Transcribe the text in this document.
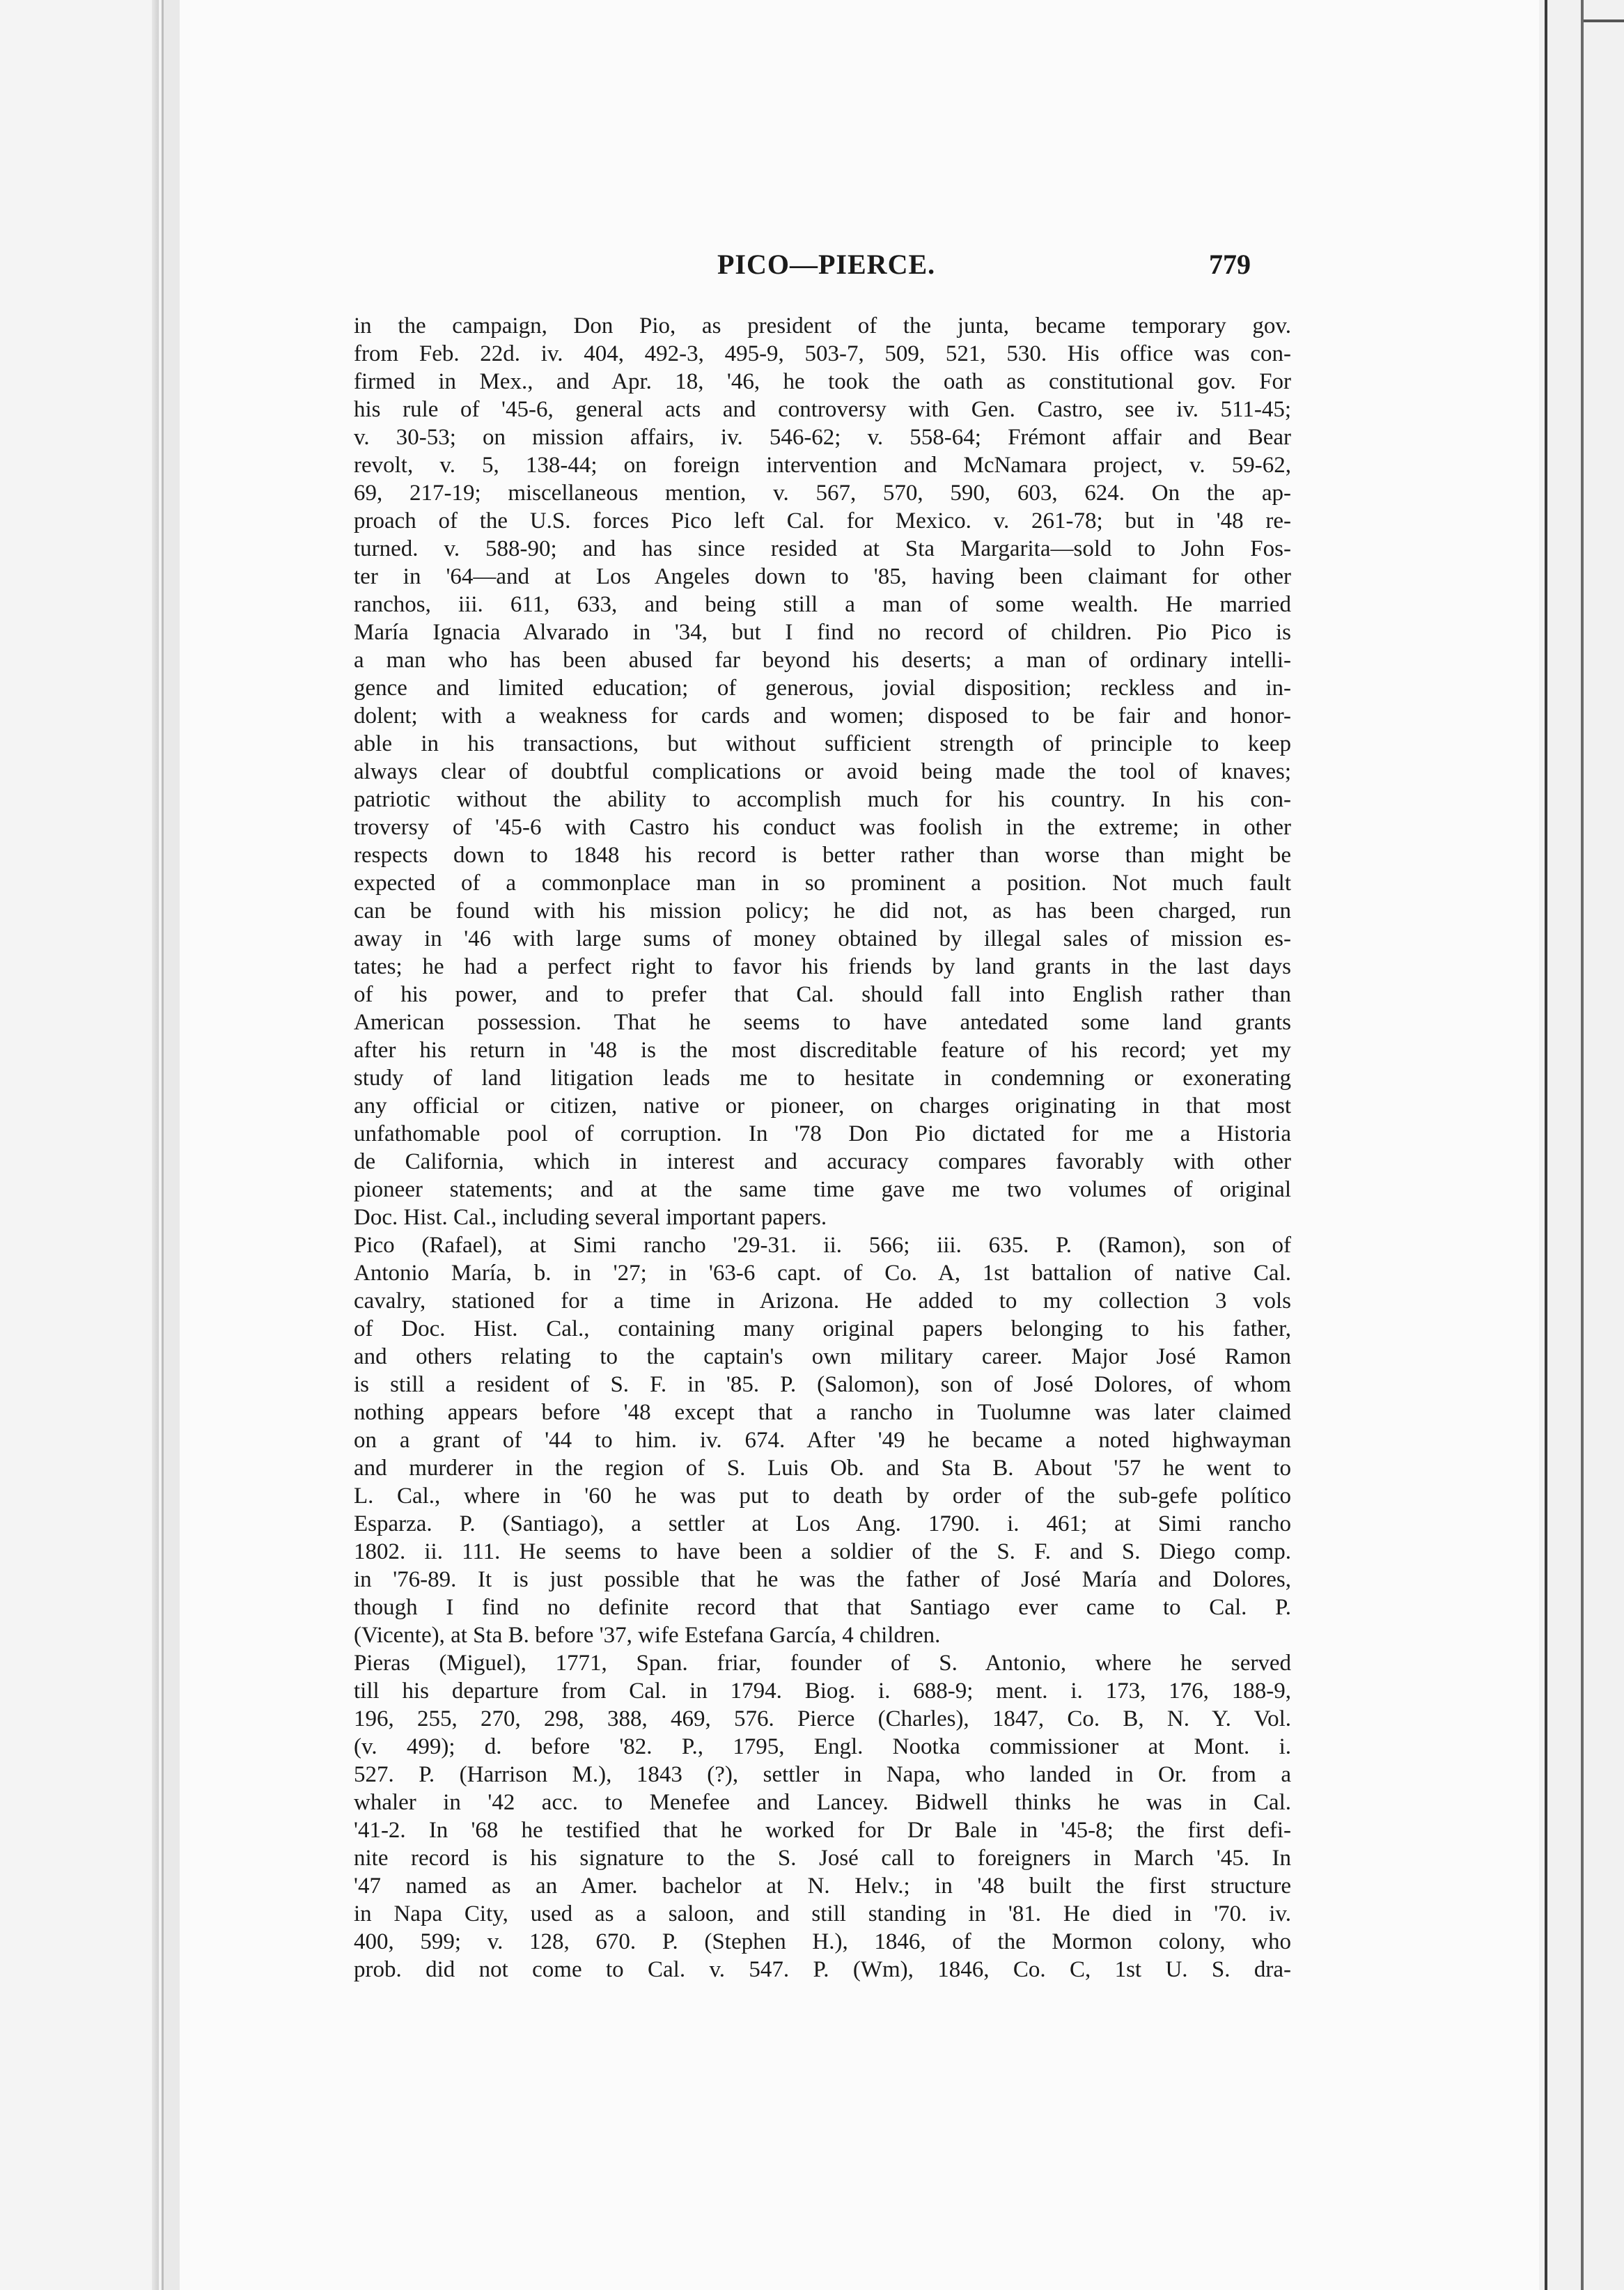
PICO—PIERCE.	779
in the campaign, Don Pio, as president of the junta, became temporary gov.
from Feb. 22d. iv. 404, 492-3, 495-9, 503-7, 509, 521, 530. His office was con-
firmed in Mex., and Apr. 18, '46, he took the oath as constitutional gov. For
his rule of '45-6, general acts and controversy with Gen. Castro, see iv. 511-45;
v. 30-53; on mission affairs, iv. 546-62; v. 558-64; Frémont affair and Bear
revolt, v. 5, 138-44; on foreign intervention and McNamara project, v. 59-62,
69, 217-19; miscellaneous mention, v. 567, 570, 590, 603, 624. On the ap-
proach of the U.S. forces Pico left Cal. for Mexico. v. 261-78; but in '48 re-
turned. v. 588-90; and has since resided at Sta Margarita—sold to John Fos-
ter in '64—and at Los Angeles down to '85, having been claimant for other
ranchos, iii. 611, 633, and being still a man of some wealth. He married
María Ignacia Alvarado in '34, but I find no record of children. Pio Pico is
a man who has been abused far beyond his deserts; a man of ordinary intelli-
gence and limited education; of generous, jovial disposition; reckless and in-
dolent; with a weakness for cards and women; disposed to be fair and honor-
able in his transactions, but without sufficient strength of principle to keep
always clear of doubtful complications or avoid being made the tool of knaves;
patriotic without the ability to accomplish much for his country. In his con-
troversy of '45-6 with Castro his conduct was foolish in the extreme; in other
respects down to 1848 his record is better rather than worse than might be
expected of a commonplace man in so prominent a position. Not much fault
can be found with his mission policy; he did not, as has been charged, run
away in '46 with large sums of money obtained by illegal sales of mission es-
tates; he had a perfect right to favor his friends by land grants in the last days
of his power, and to prefer that Cal. should fall into English rather than
American possession. That he seems to have antedated some land grants
after his return in '48 is the most discreditable feature of his record; yet my
study of land litigation leads me to hesitate in condemning or exonerating
any official or citizen, native or pioneer, on charges originating in that most
unfathomable pool of corruption. In '78 Don Pio dictated for me a Historia
de California, which in interest and accuracy compares favorably with other
pioneer statements; and at the same time gave me two volumes of original
Doc. Hist. Cal., including several important papers.
Pico (Rafael), at Simi rancho '29-31. ii. 566; iii. 635. P. (Ramon), son of
Antonio María, b. in '27; in '63-6 capt. of Co. A, 1st battalion of native Cal.
cavalry, stationed for a time in Arizona. He added to my collection 3 vols
of Doc. Hist. Cal., containing many original papers belonging to his father,
and others relating to the captain's own military career. Major José Ramon
is still a resident of S. F. in '85. P. (Salomon), son of José Dolores, of whom
nothing appears before '48 except that a rancho in Tuolumne was later claimed
on a grant of '44 to him. iv. 674. After '49 he became a noted highwayman
and murderer in the region of S. Luis Ob. and Sta B. About '57 he went to
L. Cal., where in '60 he was put to death by order of the sub-gefe político
Esparza. P. (Santiago), a settler at Los Ang. 1790. i. 461; at Simi rancho
1802. ii. 111. He seems to have been a soldier of the S. F. and S. Diego comp.
in '76-89. It is just possible that he was the father of José María and Dolores,
though I find no definite record that that Santiago ever came to Cal. P.
(Vicente), at Sta B. before '37, wife Estefana García, 4 children.
Pieras (Miguel), 1771, Span. friar, founder of S. Antonio, where he served
till his departure from Cal. in 1794. Biog. i. 688-9; ment. i. 173, 176, 188-9,
196, 255, 270, 298, 388, 469, 576. Pierce (Charles), 1847, Co. B, N. Y. Vol.
(v. 499); d. before '82. P., 1795, Engl. Nootka commissioner at Mont. i.
527. P. (Harrison M.), 1843 (?), settler in Napa, who landed in Or. from a
whaler in '42 acc. to Menefee and Lancey. Bidwell thinks he was in Cal.
'41-2. In '68 he testified that he worked for Dr Bale in '45-8; the first defi-
nite record is his signature to the S. José call to foreigners in March '45. In
'47 named as an Amer. bachelor at N. Helv.; in '48 built the first structure
in Napa City, used as a saloon, and still standing in '81. He died in '70. iv.
400, 599; v. 128, 670. P. (Stephen H.), 1846, of the Mormon colony, who
prob. did not come to Cal. v. 547. P. (Wm), 1846, Co. C, 1st U. S. dra-
